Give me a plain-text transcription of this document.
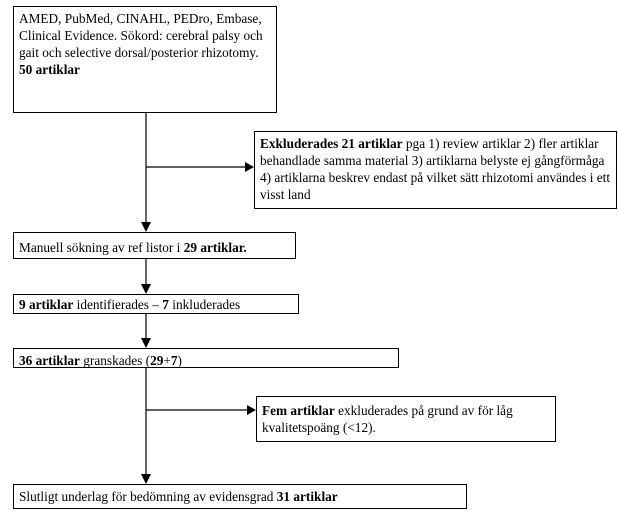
AMED, PubMed, CINAHL, PEDro, Embase, Clinical Evidence. Sökord: cerebral palsy och gait och selective dorsal/posterior rhizotomy. 50 artiklar
Exkluderades 21 artiklar pga 1) review artiklar 2) fler artiklar behandlade samma material 3) artiklarna belyste ej gångförmåga 4) artiklarna beskrev endast på vilket sätt rhizotomi användes i ett visst land
Manuell sökning av ref listor i 29 artiklar.
9 artiklar identifierades – 7 inkluderades
36 artiklar granskades (29+7)
Fem artiklar exkluderades på grund av för låg kvalitetspoäng (<12).
Slutligt underlag för bedömning av evidensgrad 31 artiklar
